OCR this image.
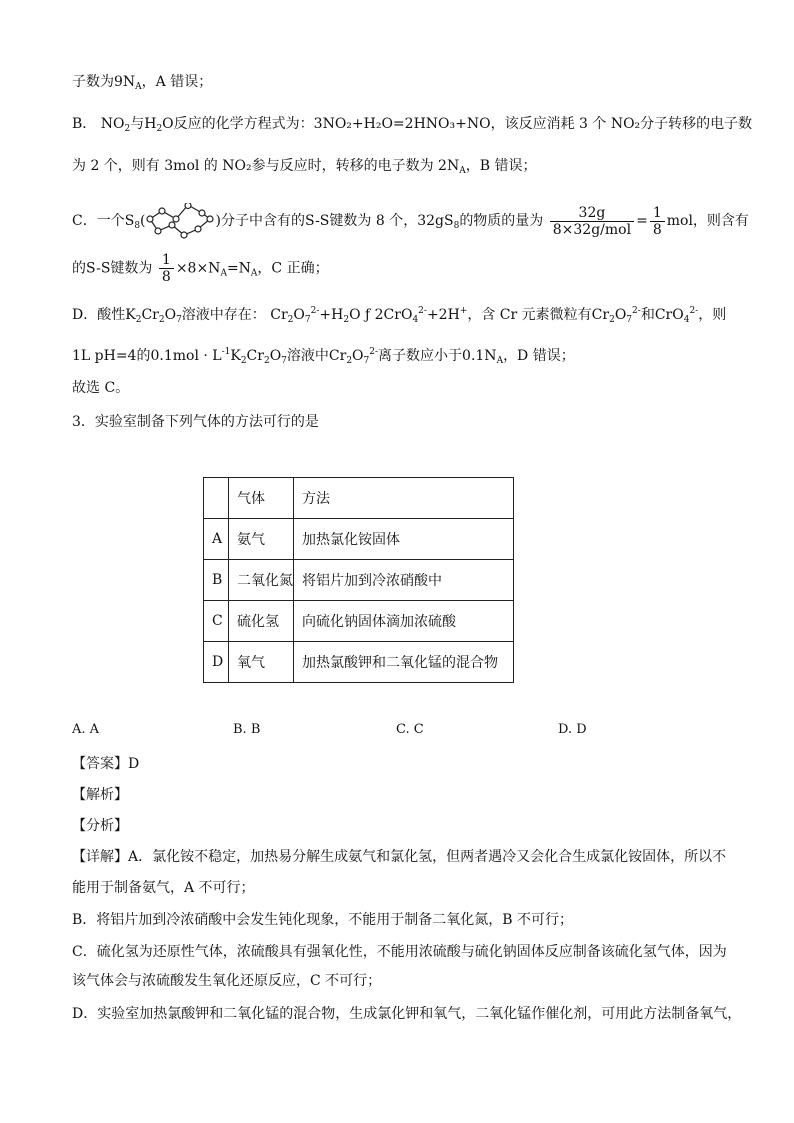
子数为$9N_A$，A 错误；
B． $NO_2$与$H_2O$反应的化学方程式为：3NO₂+H₂O=2HNO₃+NO，该反应消耗 3 个 NO₂分子转移的电子数
为 2 个，则有 3mol 的 NO₂参与反应时，转移的电子数为 $2N_A$，B 错误；
C．一个$S_8$(	)分子中含有的S-S键数为 8 个，$32gS_8$的物质的量为 $\frac{32g}{\text{8×32g/mol}} = \frac{1}{8}$ mol，则含有
的S-S键数为 $\frac{1}{8} \times 8\times N_A=N_A$，C 正确；
D．酸性$K_2Cr_2O_7$溶液中存在： $Cr_2O_7^{2-}+H_2O$ ƒ 2CrO$_4^{2-}$+2H+，含 Cr 元素微粒有$Cr_2O_7^{2-}$和CrO$_4^{2-}$，则
1L pH=4的$0.1mol \cdot L^{-1}K_2Cr_2O_7$溶液中$Cr_2O_7^{2-}$离子数应小于$0.1N_A$，D 错误；
故选 C。
3．实验室制备下列气体的方法可行的是
	气体	方法
A	氨气	加热氯化铵固体
B	二氧化氮	将铝片加到冷浓硝酸中
C	硫化氢	向硫化钠固体滴加浓硫酸
D	氧气	加热氯酸钾和二氧化锰的混合物
A. A	B. B	C. C	D. D
【答案】D
【解析】
【分析】
【详解】A．氯化铵不稳定，加热易分解生成氨气和氯化氢，但两者遇冷又会化合生成氯化铵固体，所以不
能用于制备氨气，A 不可行；
B．将铝片加到冷浓硝酸中会发生钝化现象，不能用于制备二氧化氮，B 不可行；
C．硫化氢为还原性气体，浓硫酸具有强氧化性，不能用浓硫酸与硫化钠固体反应制备该硫化氢气体，因为
该气体会与浓硫酸发生氧化还原反应，C 不可行；
D．实验室加热氯酸钾和二氧化锰的混合物，生成氯化钾和氧气，二氧化锰作催化剂，可用此方法制备氧气，
